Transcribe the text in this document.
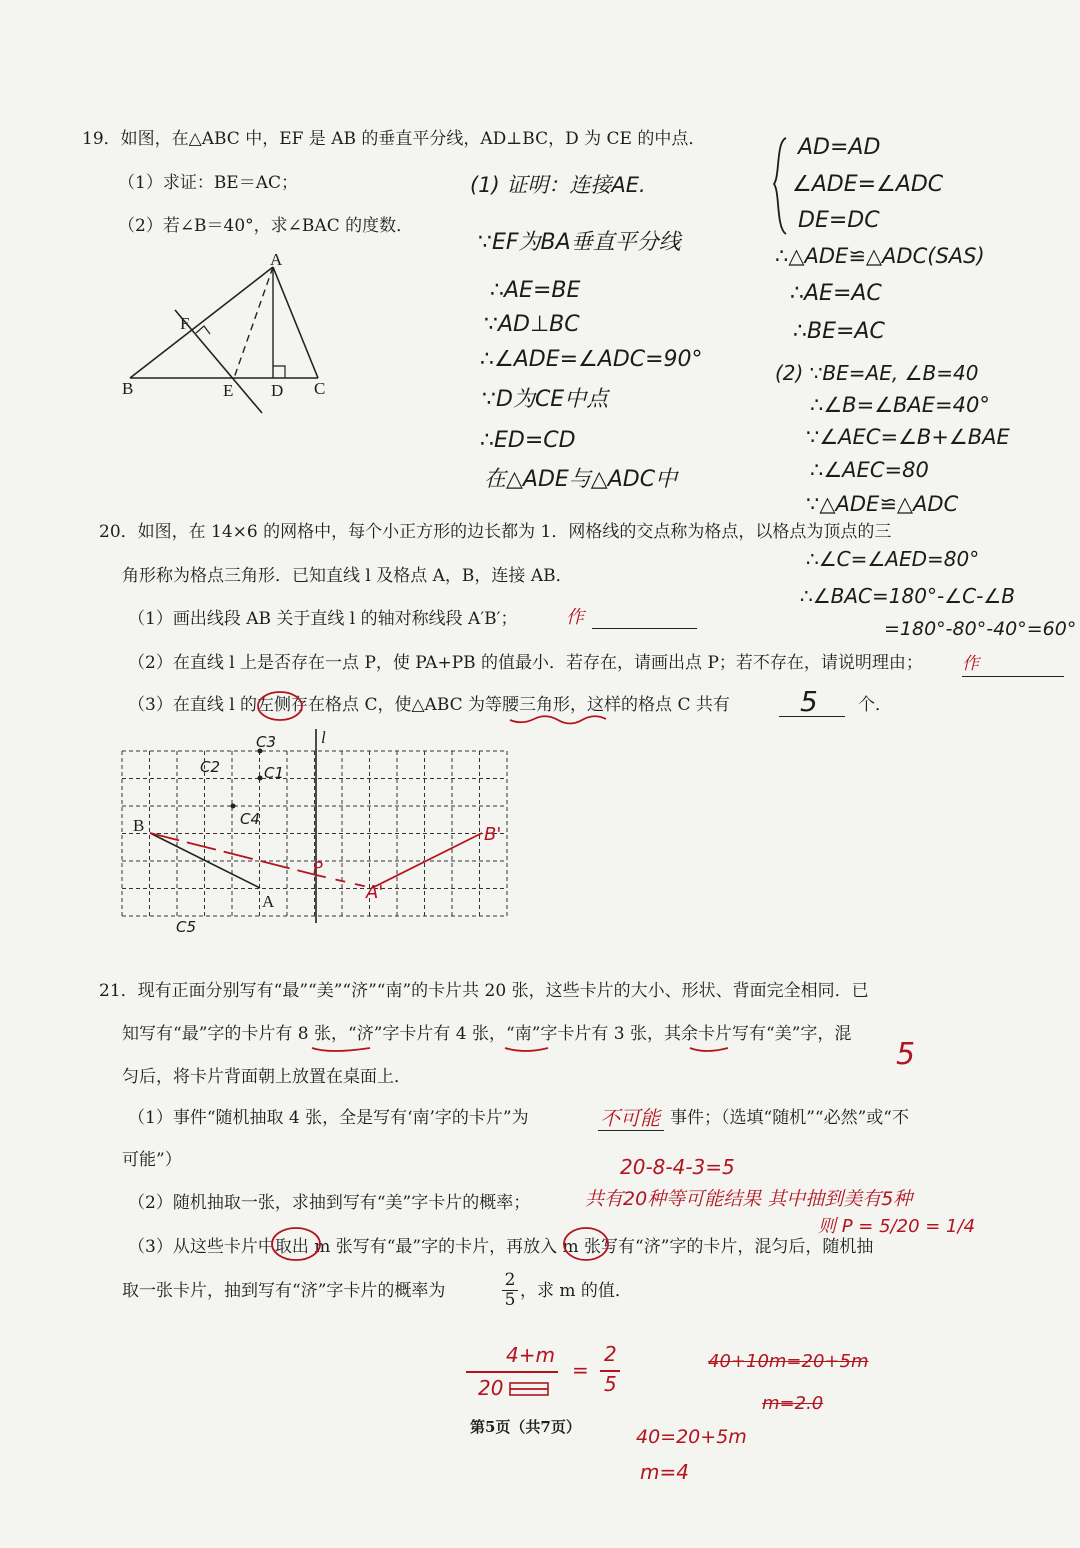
19．如图，在△ABC 中，EF 是 AB 的垂直平分线，AD⊥BC，D 为 CE 的中点．
（1）求证：BE＝AC；
（2）若∠B＝40°，求∠BAC 的度数．
A
F
B	E D C
(1) 证明：连接AE.
∵EF为BA垂直平分线
∴AE=BE
∵AD⊥BC
∴∠ADE=∠ADC=90°
∵D为CE中点
∴ED=CD
在△ADE与△ADC中
AD=AD
∠ADE=∠ADC
DE=DC
∴△ADE≌△ADC(SAS)
∴AE=AC
∴BE=AC
(2) ∵BE=AE, ∠B=40
∴∠B=∠BAE=40°
∵∠AEC=∠B+∠BAE
∴∠AEC=80
∵△ADE≌△ADC
∴∠C=∠AED=80°
∴∠BAC=180°-∠C-∠B
=180°-80°-40°=60°
20．如图，在 14×6 的网格中，每个小正方形的边长都为 1．网格线的交点称为格点，以格点为顶点的三
角形称为格点三角形．已知直线 l 及格点 A，B，连接 AB．
（1）画出线段 AB 关于直线 l 的轴对称线段 A′B′；	作
（2）在直线 l 上是否存在一点 P，使 PA+PB 的值最小．若存在，请画出点 P；若不存在，请说明理由； 作
（3）在直线 l 的左侧存在格点 C，使△ABC 为等腰三角形，这样的格点 C 共有	5 个．
l
B
A	A'
B'
P
C3
C2	C1
C4
C5
21．现有正面分别写有“最”“美”“济”“南”的卡片共 20 张，这些卡片的大小、形状、背面完全相同．已
知写有“最”字的卡片有 8 张，“济”字卡片有 4 张，“南”字卡片有 3 张，其余卡片写有“美”字，混
5
匀后，将卡片背面朝上放置在桌面上．
（1）事件“随机抽取 4 张，全是写有‘南’字的卡片”为	不可能 事件；（选填“随机”“必然”或“不
可能”）	20-8-4-3=5
（2）随机抽取一张，求抽到写有“美”字卡片的概率；	共有20种等可能结果 其中抽到美有5种
则 P = 5/20 = 1/4
（3）从这些卡片中取出 m 张写有“最”字的卡片，再放入 m 张写有“济”字的卡片，混匀后，随机抽
取一张卡片，抽到写有“济”字卡片的概率为	$\frac{2}{5}$ ，求 m 的值．
4+m
20
=
2
5
40+10m=20+5m
m=2.0
40=20+5m
m=4
第5页（共7页）
